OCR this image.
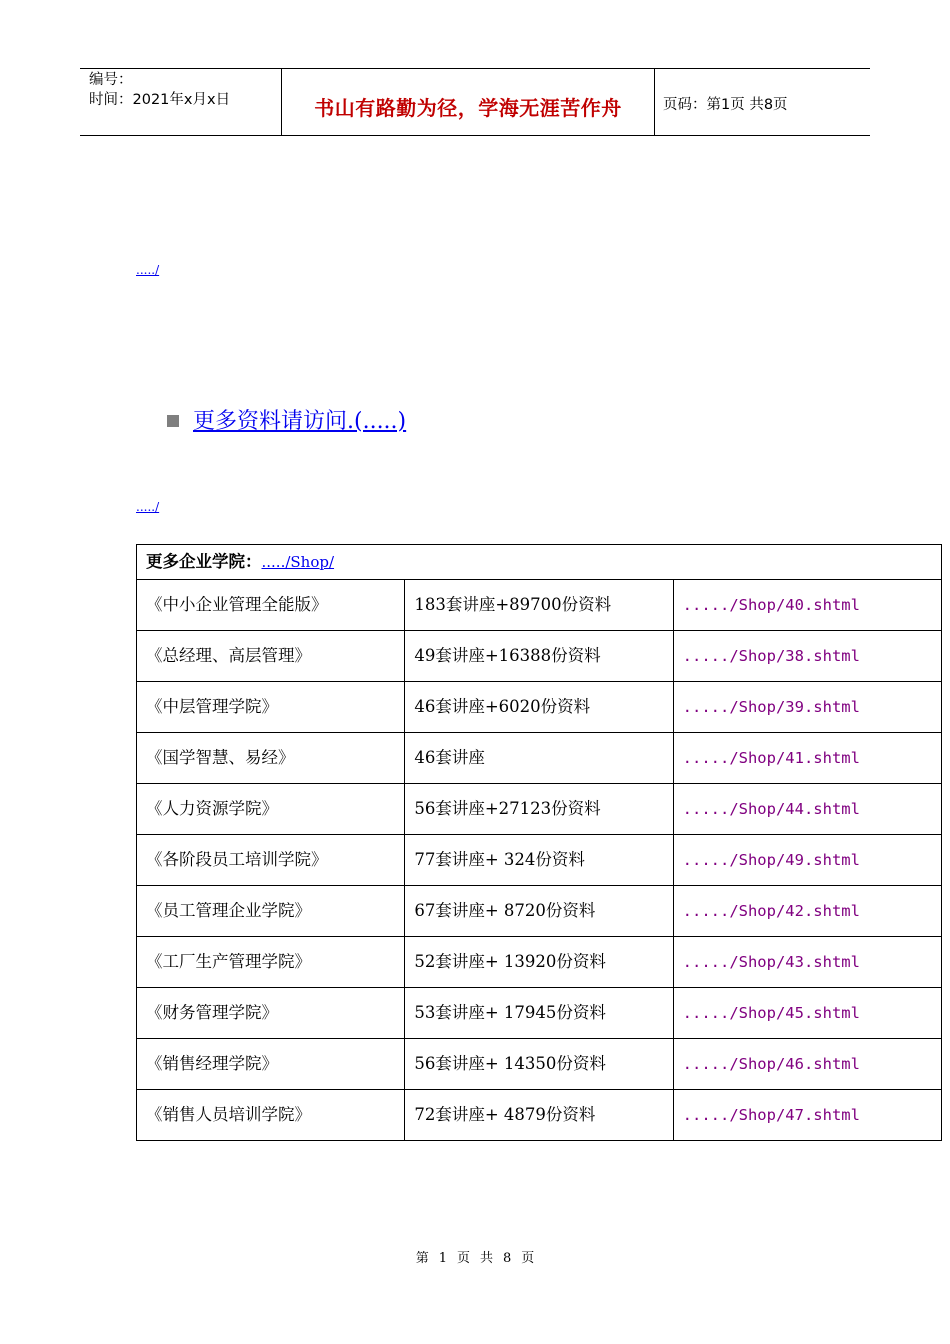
编号：
时间：2021年x月x日	书山有路勤为径，学海无涯苦作舟	页码：第1页 共8页
...../
更多资料请访问.(.....)
...../
更多企业学院：...../Shop/		
《中小企业管理全能版》	183套讲座+89700份资料	...../Shop/40.shtml
《总经理、高层管理》	49套讲座+16388份资料	...../Shop/38.shtml
《中层管理学院》	46套讲座+6020份资料	...../Shop/39.shtml
《国学智慧、易经》	46套讲座	...../Shop/41.shtml
《人力资源学院》	56套讲座+27123份资料	...../Shop/44.shtml
《各阶段员工培训学院》	77套讲座+ 324份资料	...../Shop/49.shtml
《员工管理企业学院》	67套讲座+ 8720份资料	...../Shop/42.shtml
《工厂生产管理学院》	52套讲座+ 13920份资料	...../Shop/43.shtml
《财务管理学院》	53套讲座+ 17945份资料	...../Shop/45.shtml
《销售经理学院》	56套讲座+ 14350份资料	...../Shop/46.shtml
《销售人员培训学院》	72套讲座+ 4879份资料	...../Shop/47.shtml
第 1 页 共 8 页
